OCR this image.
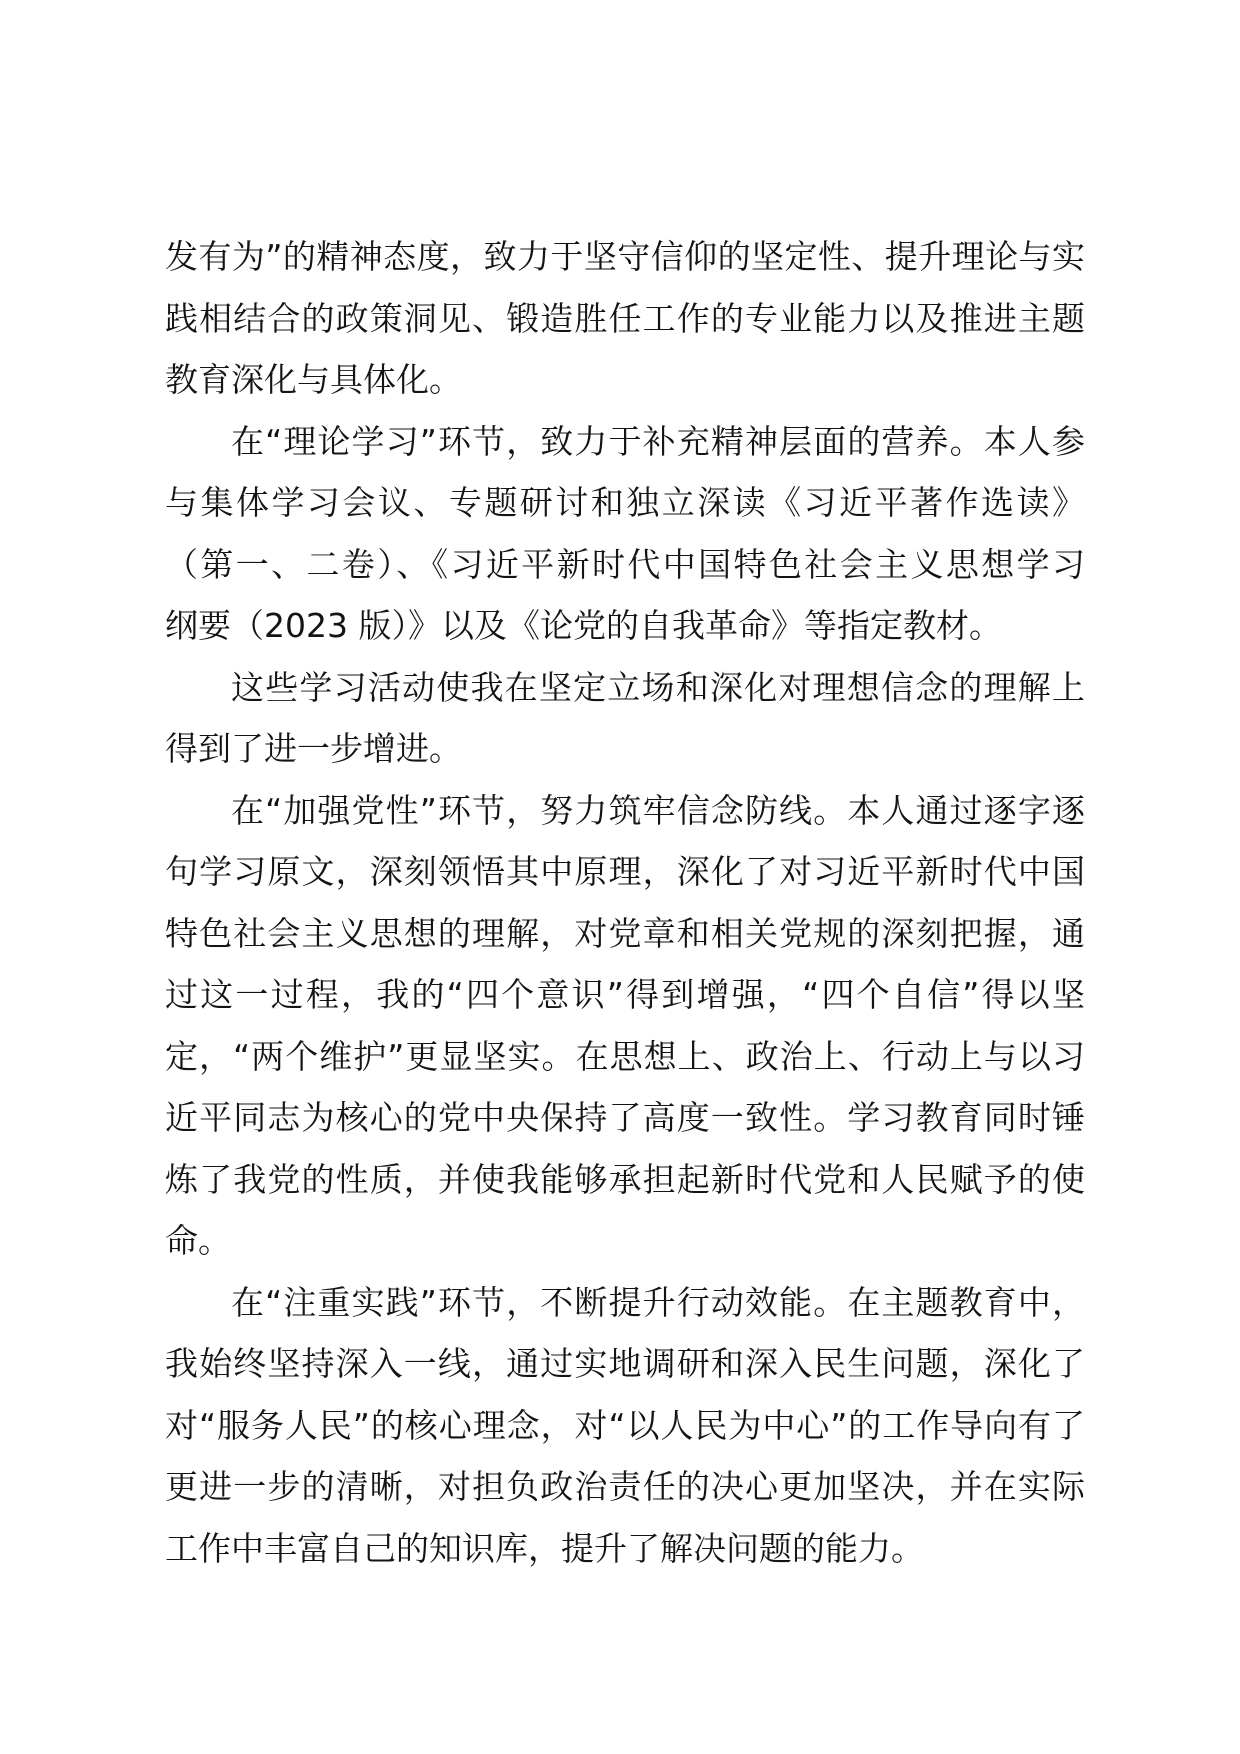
发有为”的精神态度，致力于坚守信仰的坚定性、提升理论与实
践相结合的政策洞见、锻造胜任工作的专业能力以及推进主题
教育深化与具体化。
在“理论学习”环节，致力于补充精神层面的营养。本人参
与集体学习会议、专题研讨和独立深读《习近平著作选读》
（第一、二卷）、《习近平新时代中国特色社会主义思想学习
纲要（2023 版）》以及《论党的自我革命》等指定教材。
这些学习活动使我在坚定立场和深化对理想信念的理解上
得到了进一步增进。
在“加强党性”环节，努力筑牢信念防线。本人通过逐字逐
句学习原文，深刻领悟其中原理，深化了对习近平新时代中国
特色社会主义思想的理解，对党章和相关党规的深刻把握，通
过这一过程，我的“四个意识”得到增强，“四个自信”得以坚
定，“两个维护”更显坚实。在思想上、政治上、行动上与以习
近平同志为核心的党中央保持了高度一致性。学习教育同时锤
炼了我党的性质，并使我能够承担起新时代党和人民赋予的使
命。
在“注重实践”环节，不断提升行动效能。在主题教育中，
我始终坚持深入一线，通过实地调研和深入民生问题，深化了
对“服务人民”的核心理念，对“以人民为中心”的工作导向有了
更进一步的清晰，对担负政治责任的决心更加坚决，并在实际
工作中丰富自己的知识库，提升了解决问题的能力。
